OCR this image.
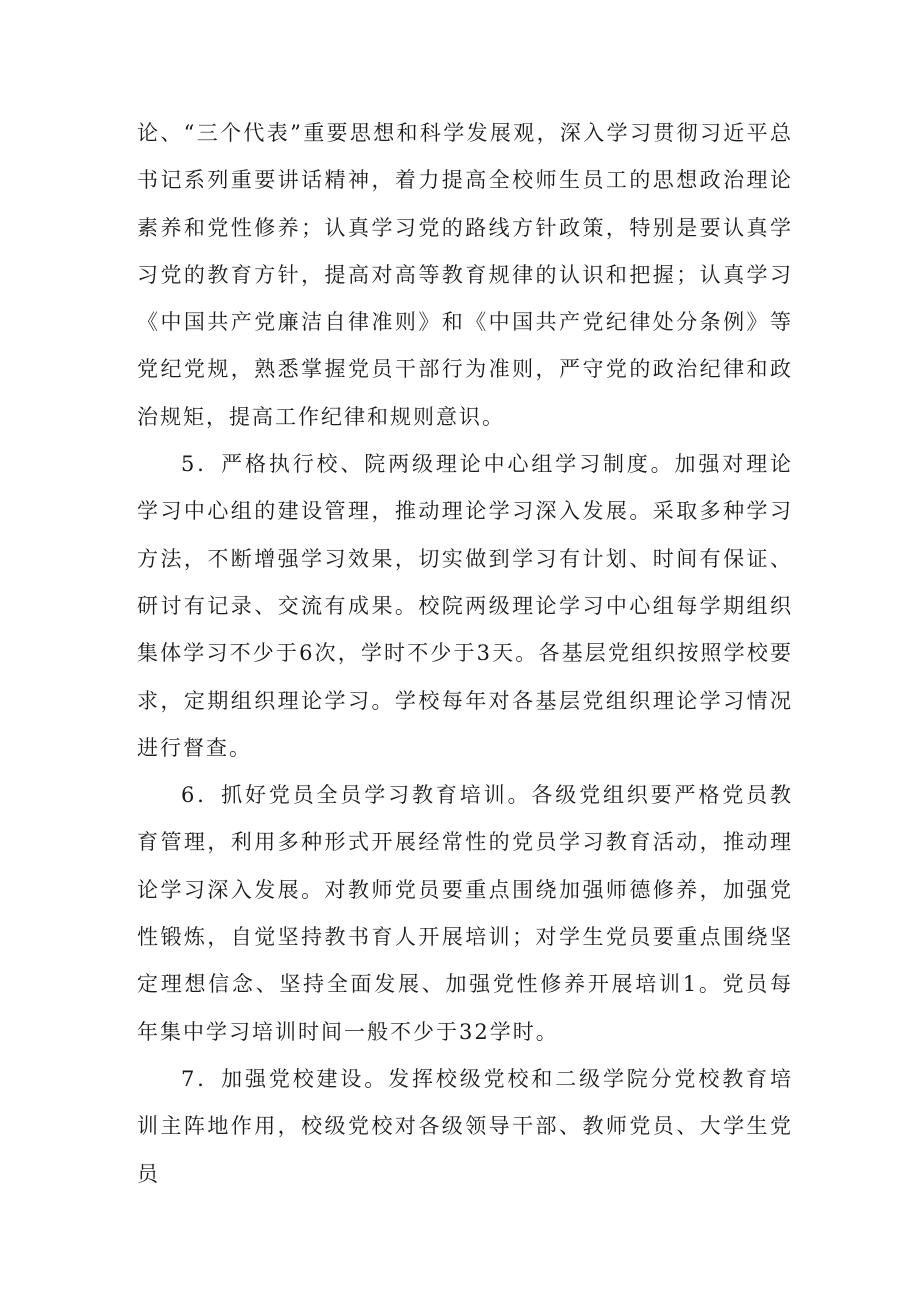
论、“三个代表”重要思想和科学发展观，深入学习贯彻习近平总书记系列重要讲话精神，着力提高全校师生员工的思想政治理论素养和党性修养；认真学习党的路线方针政策，特别是要认真学习党的教育方针，提高对高等教育规律的认识和把握；认真学习《中国共产党廉洁自律准则》和《中国共产党纪律处分条例》等党纪党规，熟悉掌握党员干部行为准则，严守党的政治纪律和政治规矩，提高工作纪律和规则意识。

5．严格执行校、院两级理论中心组学习制度。加强对理论学习中心组的建设管理，推动理论学习深入发展。采取多种学习方法，不断增强学习效果，切实做到学习有计划、时间有保证、研讨有记录、交流有成果。校院两级理论学习中心组每学期组织集体学习不少于6次，学时不少于3天。各基层党组织按照学校要求，定期组织理论学习。学校每年对各基层党组织理论学习情况进行督查。

6．抓好党员全员学习教育培训。各级党组织要严格党员教育管理，利用多种形式开展经常性的党员学习教育活动，推动理论学习深入发展。对教师党员要重点围绕加强师德修养，加强党性锻炼，自觉坚持教书育人开展培训；对学生党员要重点围绕坚定理想信念、坚持全面发展、加强党性修养开展培训1。党员每年集中学习培训时间一般不少于32学时。

7．加强党校建设。发挥校级党校和二级学院分党校教育培训主阵地作用，校级党校对各级领导干部、教师党员、大学生党员
